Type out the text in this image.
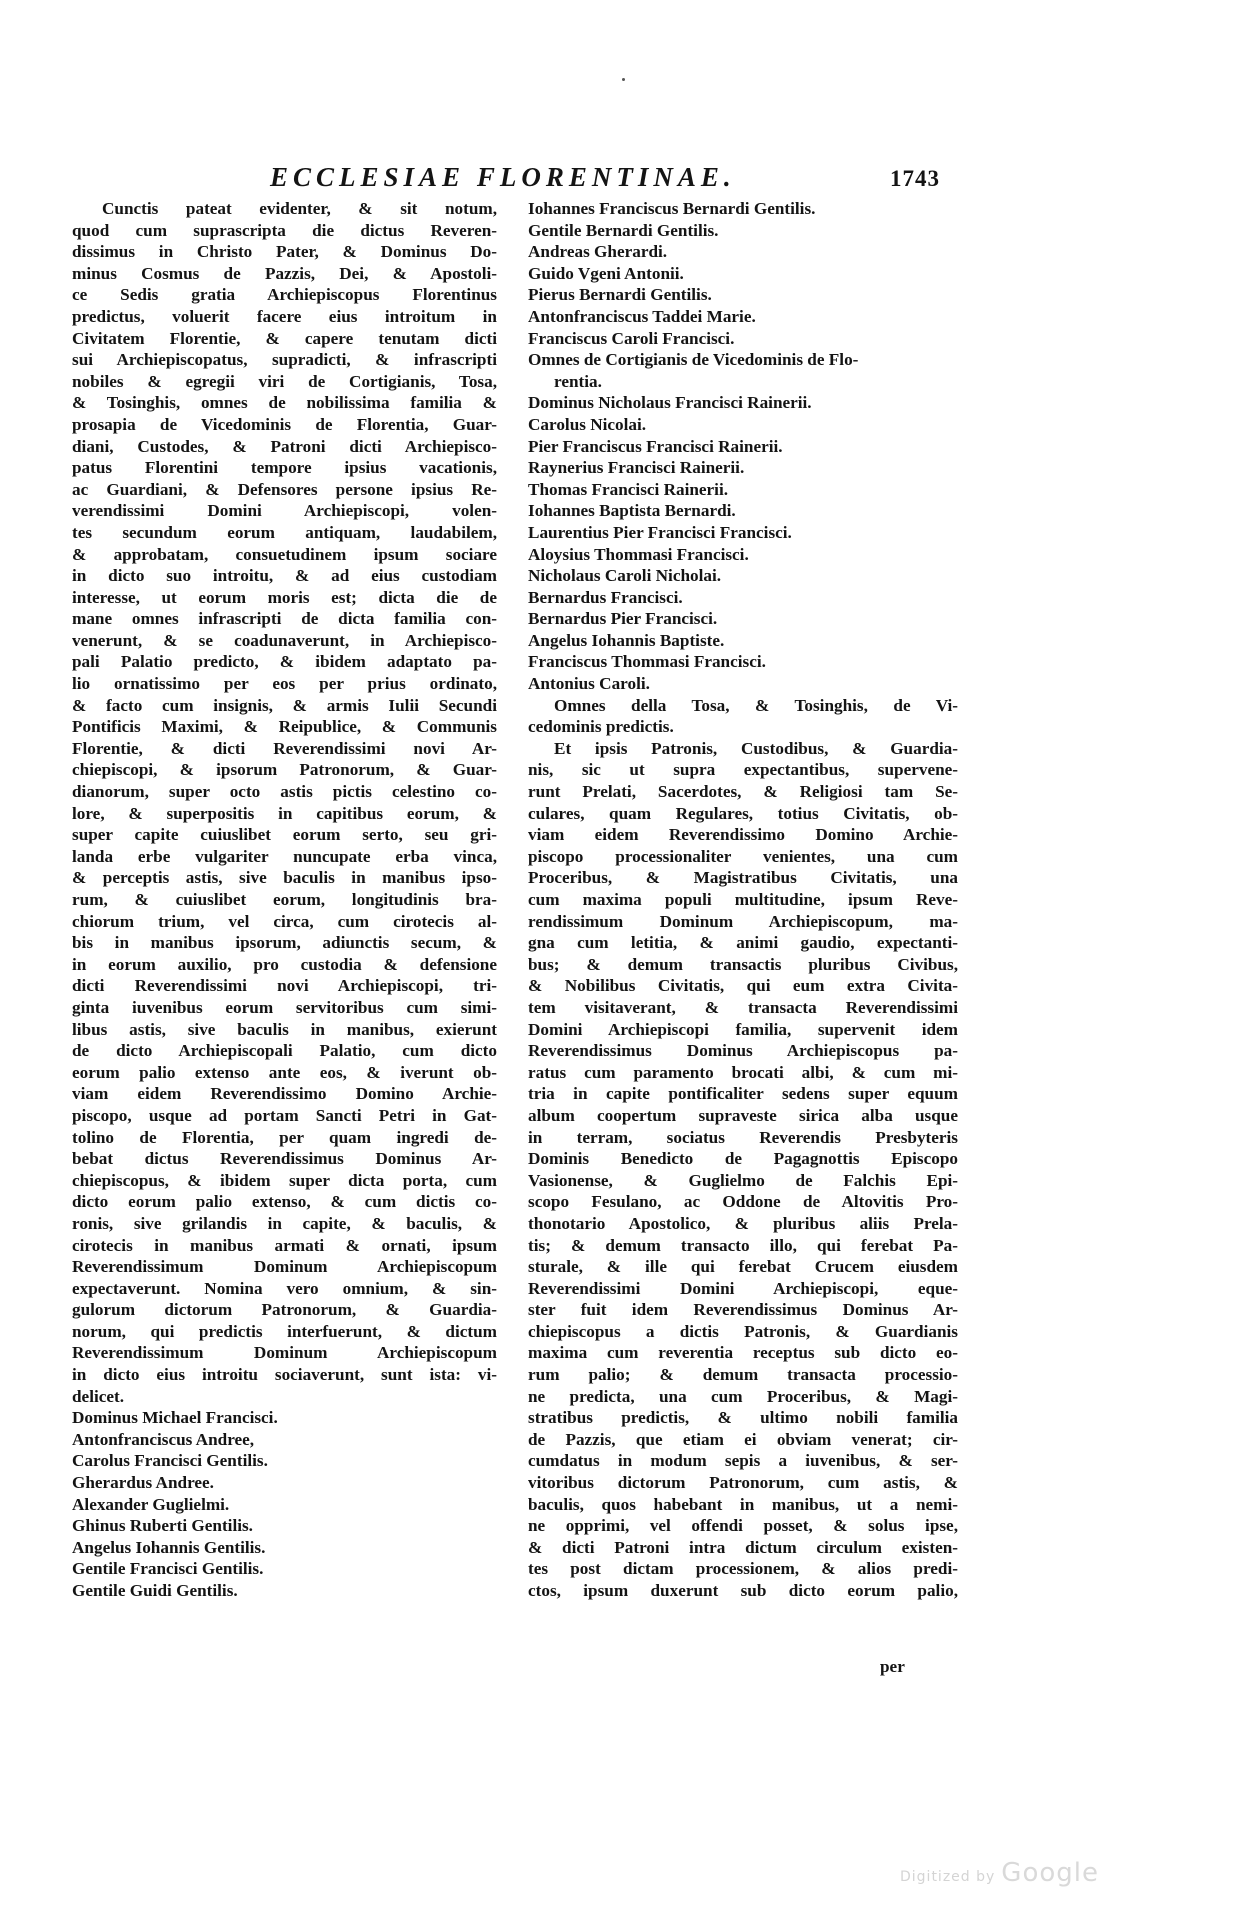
ECCLESIAE FLORENTINAE.	1743
Cunctis pateat evidenter, & sit notum,
quod cum suprascripta die dictus Reveren-
dissimus in Christo Pater, & Dominus Do-
minus Cosmus de Pazzis, Dei, & Apostoli-
ce Sedis gratia Archiepiscopus Florentinus
predictus, voluerit facere eius introitum in
Civitatem Florentie, & capere tenutam dicti
sui Archiepiscopatus, supradicti, & infrascripti
nobiles & egregii viri de Cortigianis, Tosa,
& Tosinghis, omnes de nobilissima familia &
prosapia de Vicedominis de Florentia, Guar-
diani, Custodes, & Patroni dicti Archiepisco-
patus Florentini tempore ipsius vacationis,
ac Guardiani, & Defensores persone ipsius Re-
verendissimi Domini Archiepiscopi, volen-
tes secundum eorum antiquam, laudabilem,
& approbatam, consuetudinem ipsum sociare
in dicto suo introitu, & ad eius custodiam
interesse, ut eorum moris est; dicta die de
mane omnes infrascripti de dicta familia con-
venerunt, & se coadunaverunt, in Archiepisco-
pali Palatio predicto, & ibidem adaptato pa-
lio ornatissimo per eos per prius ordinato,
& facto cum insignis, & armis Iulii Secundi
Pontificis Maximi, & Reipublice, & Communis
Florentie, & dicti Reverendissimi novi Ar-
chiepiscopi, & ipsorum Patronorum, & Guar-
dianorum, super octo astis pictis celestino co-
lore, & superpositis in capitibus eorum, &
super capite cuiuslibet eorum serto, seu gri-
landa erbe vulgariter nuncupate erba vinca,
& perceptis astis, sive baculis in manibus ipso-
rum, & cuiuslibet eorum, longitudinis bra-
chiorum trium, vel circa, cum cirotecis al-
bis in manibus ipsorum, adiunctis secum, &
in eorum auxilio, pro custodia & defensione
dicti Reverendissimi novi Archiepiscopi, tri-
ginta iuvenibus eorum servitoribus cum simi-
libus astis, sive baculis in manibus, exierunt
de dicto Archiepiscopali Palatio, cum dicto
eorum palio extenso ante eos, & iverunt ob-
viam eidem Reverendissimo Domino Archie-
piscopo, usque ad portam Sancti Petri in Gat-
tolino de Florentia, per quam ingredi de-
bebat dictus Reverendissimus Dominus Ar-
chiepiscopus, & ibidem super dicta porta, cum
dicto eorum palio extenso, & cum dictis co-
ronis, sive grilandis in capite, & baculis, &
cirotecis in manibus armati & ornati, ipsum
Reverendissimum Dominum Archiepiscopum
expectaverunt. Nomina vero omnium, & sin-
gulorum dictorum Patronorum, & Guardia-
norum, qui predictis interfuerunt, & dictum
Reverendissimum Dominum Archiepiscopum
in dicto eius introitu sociaverunt, sunt ista: vi-
delicet.
Dominus Michael Francisci.
Antonfranciscus Andree,
Carolus Francisci Gentilis.
Gherardus Andree.
Alexander Guglielmi.
Ghinus Ruberti Gentilis.
Angelus Iohannis Gentilis.
Gentile Francisci Gentilis.
Gentile Guidi Gentilis.
Iohannes Franciscus Bernardi Gentilis.
Gentile Bernardi Gentilis.
Andreas Gherardi.
Guido Vgeni Antonii.
Pierus Bernardi Gentilis.
Antonfranciscus Taddei Marie.
Franciscus Caroli Francisci.
Omnes de Cortigianis de Vicedominis de Flo-
rentia.
Dominus Nicholaus Francisci Rainerii.
Carolus Nicolai.
Pier Franciscus Francisci Rainerii.
Raynerius Francisci Rainerii.
Thomas Francisci Rainerii.
Iohannes Baptista Bernardi.
Laurentius Pier Francisci Francisci.
Aloysius Thommasi Francisci.
Nicholaus Caroli Nicholai.
Bernardus Francisci.
Bernardus Pier Francisci.
Angelus Iohannis Baptiste.
Franciscus Thommasi Francisci.
Antonius Caroli.
Omnes della Tosa, & Tosinghis, de Vi-
cedominis predictis.
Et ipsis Patronis, Custodibus, & Guardia-
nis, sic ut supra expectantibus, supervene-
runt Prelati, Sacerdotes, & Religiosi tam Se-
culares, quam Regulares, totius Civitatis, ob-
viam eidem Reverendissimo Domino Archie-
piscopo processionaliter venientes, una cum
Proceribus, & Magistratibus Civitatis, una
cum maxima populi multitudine, ipsum Reve-
rendissimum Dominum Archiepiscopum, ma-
gna cum letitia, & animi gaudio, expectanti-
bus; & demum transactis pluribus Civibus,
& Nobilibus Civitatis, qui eum extra Civita-
tem visitaverant, & transacta Reverendissimi
Domini Archiepiscopi familia, supervenit idem
Reverendissimus Dominus Archiepiscopus pa-
ratus cum paramento brocati albi, & cum mi-
tria in capite pontificaliter sedens super equum
album coopertum supraveste sirica alba usque
in terram, sociatus Reverendis Presbyteris
Dominis Benedicto de Pagagnottis Episcopo
Vasionense, & Guglielmo de Falchis Epi-
scopo Fesulano, ac Oddone de Altovitis Pro-
thonotario Apostolico, & pluribus aliis Prela-
tis; & demum transacto illo, qui ferebat Pa-
sturale, & ille qui ferebat Crucem eiusdem
Reverendissimi Domini Archiepiscopi, eque-
ster fuit idem Reverendissimus Dominus Ar-
chiepiscopus a dictis Patronis, & Guardianis
maxima cum reverentia receptus sub dicto eo-
rum palio; & demum transacta processio-
ne predicta, una cum Proceribus, & Magi-
stratibus predictis, & ultimo nobili familia
de Pazzis, que etiam ei obviam venerat; cir-
cumdatus in modum sepis a iuvenibus, & ser-
vitoribus dictorum Patronorum, cum astis, &
baculis, quos habebant in manibus, ut a nemi-
ne opprimi, vel offendi posset, & solus ipse,
& dicti Patroni intra dictum circulum existen-
tes post dictam processionem, & alios predi-
ctos, ipsum duxerunt sub dicto eorum palio,
per
Digitized by Google
